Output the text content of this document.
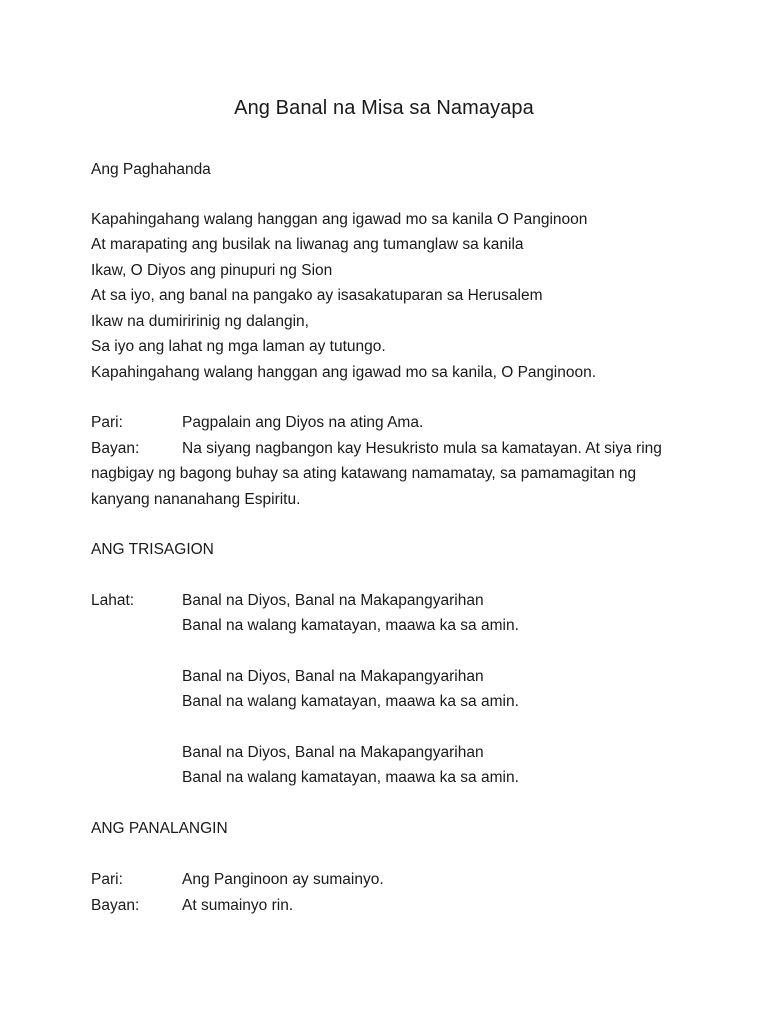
Ang Banal na Misa sa Namayapa
Ang Paghahanda
Kapahingahang walang hanggan ang igawad mo sa kanila O Panginoon
At marapating ang busilak na liwanag ang tumanglaw sa kanila
Ikaw, O Diyos ang pinupuri ng Sion
At sa iyo, ang banal na pangako ay isasakatuparan sa Herusalem
Ikaw na dumiririnig ng dalangin,
Sa iyo ang lahat ng mga laman ay tutungo.
Kapahingahang walang hanggan ang igawad mo sa kanila, O Panginoon.
Pari:	Pagpalain ang Diyos na ating Ama.
Bayan:	Na siyang nagbangon kay Hesukristo mula sa kamatayan. At siya ring
nagbigay ng bagong buhay sa ating katawang namamatay, sa pamamagitan ng
kanyang nananahang Espiritu.
ANG TRISAGION
Lahat:	Banal na Diyos, Banal na Makapangyarihan
Banal na walang kamatayan, maawa ka sa amin.
Banal na Diyos, Banal na Makapangyarihan
Banal na walang kamatayan, maawa ka sa amin.
Banal na Diyos, Banal na Makapangyarihan
Banal na walang kamatayan, maawa ka sa amin.
ANG PANALANGIN
Pari:	Ang Panginoon ay sumainyo.
Bayan:	At sumainyo rin.
